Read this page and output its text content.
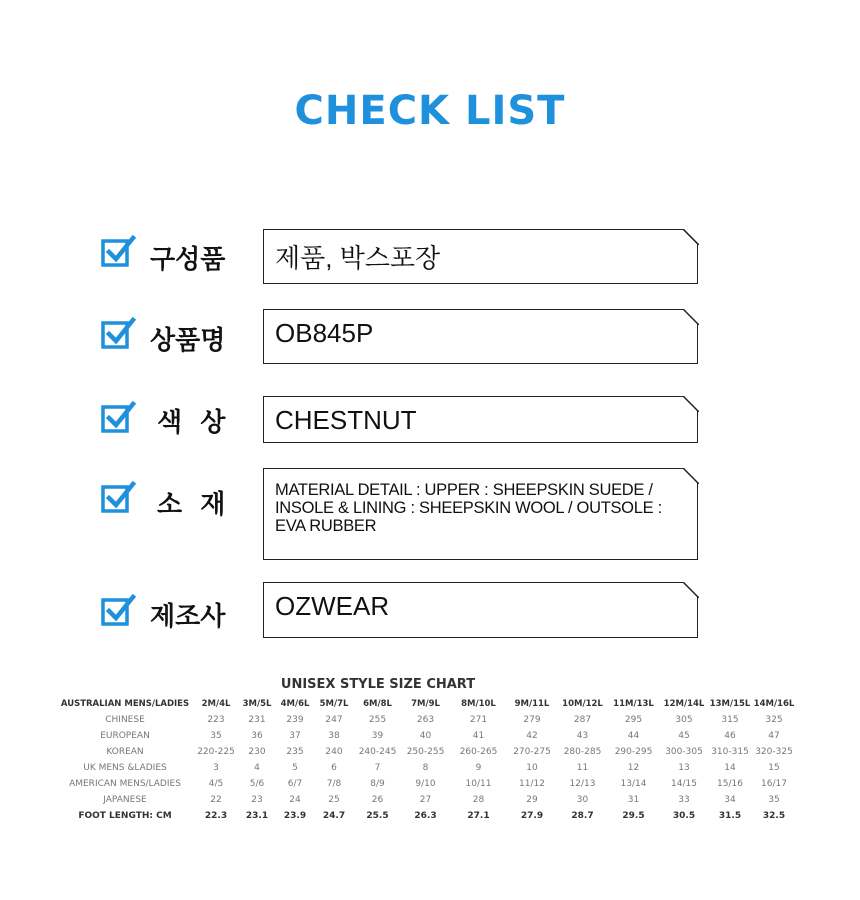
CHECK LIST
구성품 제품, 박스포장
상품명 OB845P
색  상 CHESTNUT
소  재	MATERIAL DETAIL : UPPER : SHEEPSKIN SUEDE / INSOLE & LINING : SHEEPSKIN WOOL / OUTSOLE : EVA RUBBER
제조사 OZWEAR
UNISEX STYLE SIZE CHART
AUSTRALIAN MENS/LADIES	2M/4L	3M/5L	4M/6L	5M/7L	6M/8L	7M/9L	8M/10L	9M/11L	10M/12L	11M/13L	12M/14L	13M/15L	14M/16L
CHINESE	223	231	239	247	255	263	271	279	287	295	305	315	325
EUROPEAN	35	36	37	38	39	40	41	42	43	44	45	46	47
KOREAN	220-225	230	235	240	240-245	250-255	260-265	270-275	280-285	290-295	300-305	310-315	320-325
UK MENS &LADIES	3	4	5	6	7	8	9	10	11	12	13	14	15
AMERICAN MENS/LADIES	4/5	5/6	6/7	7/8	8/9	9/10	10/11	11/12	12/13	13/14	14/15	15/16	16/17
JAPANESE	22	23	24	25	26	27	28	29	30	31	33	34	35
FOOT LENGTH: CM	22.3	23.1	23.9	24.7	25.5	26.3	27.1	27.9	28.7	29.5	30.5	31.5	32.5
